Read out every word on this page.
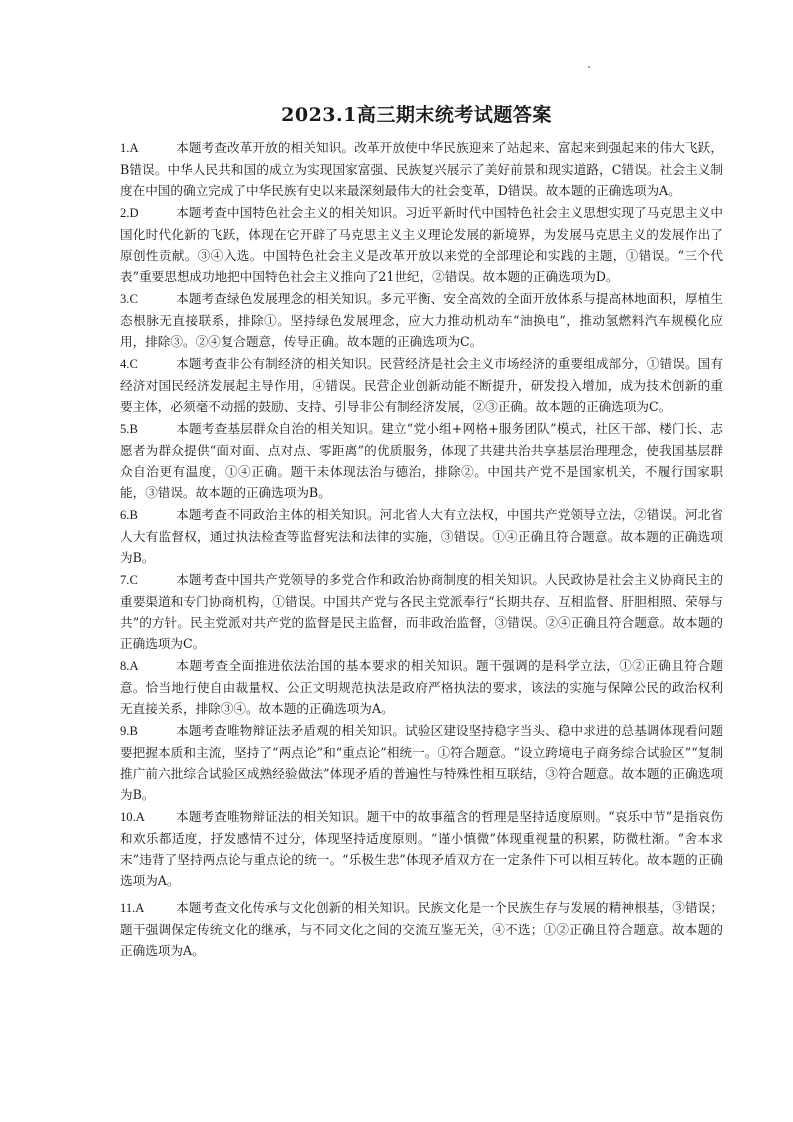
2023.1高三期末统考试题答案

1.A	本题考查改革开放的相关知识。改革开放使中华民族迎来了站起来、富起来到强起来的伟大飞跃，B错误。中华人民共和国的成立为实现国家富强、民族复兴展示了美好前景和现实道路，C错误。社会主义制度在中国的确立完成了中华民族有史以来最深刻最伟大的社会变革，D错误。故本题的正确选项为A。

2.D	本题考查中国特色社会主义的相关知识。习近平新时代中国特色社会主义思想实现了马克思主义中国化时代化新的飞跃，体现在它开辟了马克思主义主义理论发展的新境界，为发展马克思主义的发展作出了原创性贡献。③④入选。中国特色社会主义是改革开放以来党的全部理论和实践的主题，①错误。“三个代表”重要思想成功地把中国特色社会主义推向了21世纪，②错误。故本题的正确选项为D。

3.C	本题考查绿色发展理念的相关知识。多元平衡、安全高效的全面开放体系与提高林地面积，厚植生态根脉无直接联系，排除①。坚持绿色发展理念，应大力推动机动车“油换电”，推动氢燃料汽车规模化应用，排除③。②④复合题意，传导正确。故本题的正确选项为C。

4.C	本题考查非公有制经济的相关知识。民营经济是社会主义市场经济的重要组成部分，①错误。国有经济对国民经济发展起主导作用，④错误。民营企业创新动能不断提升，研发投入增加，成为技术创新的重要主体，必须毫不动摇的鼓励、支持、引导非公有制经济发展，②③正确。故本题的正确选项为C。

5.B	本题考查基层群众自治的相关知识。建立“党小组+网格+服务团队”模式，社区干部、楼门长、志愿者为群众提供“面对面、点对点、零距离”的优质服务，体现了共建共治共享基层治理理念，使我国基层群众自治更有温度，①④正确。题干未体现法治与德治，排除②。中国共产党不是国家机关，不履行国家职能，③错误。故本题的正确选项为B。

6.B	本题考查不同政治主体的相关知识。河北省人大有立法权，中国共产党领导立法，②错误。河北省人大有监督权，通过执法检查等监督宪法和法律的实施，③错误。①④正确且符合题意。故本题的正确选项为B。

7.C	本题考查中国共产党领导的多党合作和政治协商制度的相关知识。人民政协是社会主义协商民主的重要渠道和专门协商机构，①错误。中国共产党与各民主党派奉行“长期共存、互相监督、肝胆相照、荣辱与共”的方针。民主党派对共产党的监督是民主监督，而非政治监督，③错误。②④正确且符合题意。故本题的正确选项为C。

8.A	本题考查全面推进依法治国的基本要求的相关知识。题干强调的是科学立法，①②正确且符合题意。恰当地行使自由裁量权、公正文明规范执法是政府严格执法的要求，该法的实施与保障公民的政治权利无直接关系，排除③④。故本题的正确选项为A。

9.B	本题考查唯物辩证法矛盾观的相关知识。试验区建设坚持稳字当头、稳中求进的总基调体现看问题要把握本质和主流，坚持了“两点论”和“重点论”相统一。①符合题意。“设立跨境电子商务综合试验区”“复制推广前六批综合试验区成熟经验做法”体现矛盾的普遍性与特殊性相互联结，③符合题意。故本题的正确选项为B。

10.A 本题考查唯物辩证法的相关知识。题干中的故事蕴含的哲理是坚持适度原则。“哀乐中节”是指哀伤和欢乐都适度，抒发感情不过分，体现坚持适度原则。“谨小慎微”体现重视量的积累，防微杜渐。“舍本求末”违背了坚持两点论与重点论的统一。“乐极生悲”体现矛盾双方在一定条件下可以相互转化。故本题的正确选项为A。

11.A	本题考查文化传承与文化创新的相关知识。民族文化是一个民族生存与发展的精神根基，③错误；题干强调保定传统文化的继承，与不同文化之间的交流互鉴无关，④不选；①②正确且符合题意。故本题的正确选项为A。
